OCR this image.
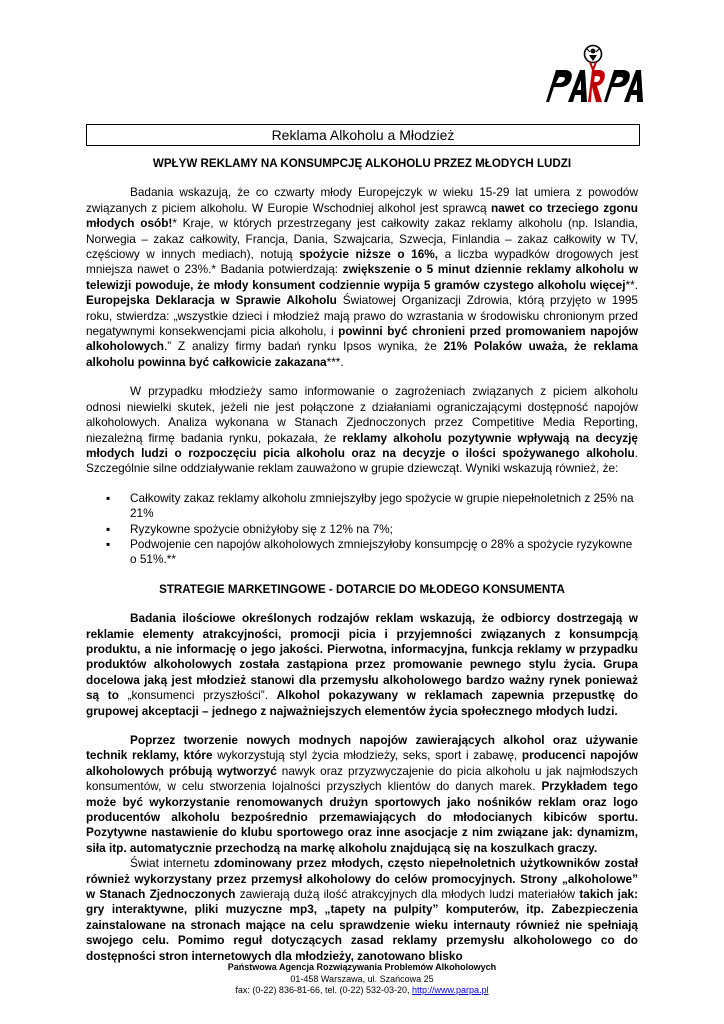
Reklama Alkoholu a Młodzież
WPŁYW REKLAMY NA KONSUMPCJĘ ALKOHOLU PRZEZ MŁODYCH LUDZI

Badania wskazują, że co czwarty młody Europejczyk w wieku 15-29 lat umiera z powodów związanych z piciem alkoholu. W Europie Wschodniej alkohol jest sprawcą nawet co trzeciego zgonu młodych osób!* Kraje, w których przestrzegany jest całkowity zakaz reklamy alkoholu (np. Islandia, Norwegia – zakaz całkowity, Francja, Dania, Szwajcaria, Szwecja, Finlandia – zakaz całkowity w TV, częściowy w innych mediach), notują spożycie niższe o 16%, a liczba wypadków drogowych jest mniejsza nawet o 23%.* Badania potwierdzają: zwiększenie o 5 minut dziennie reklamy alkoholu w telewizji powoduje, że młody konsument codziennie wypija 5 gramów czystego alkoholu więcej**. Europejska Deklaracja w Sprawie Alkoholu Światowej Organizacji Zdrowia, którą przyjęto w 1995 roku, stwierdza: „wszystkie dzieci i młodzież mają prawo do wzrastania w środowisku chronionym przed negatywnymi konsekwencjami picia alkoholu, i powinni być chronieni przed promowaniem napojów alkoholowych.” Z analizy firmy badań rynku Ipsos wynika, że 21% Polaków uważa, że reklama alkoholu powinna być całkowicie zakazana***.

W przypadku młodzieży samo informowanie o zagrożeniach związanych z piciem alkoholu odnosi niewielki skutek, jeżeli nie jest połączone z działaniami ograniczającymi dostępność napojów alkoholowych. Analiza wykonana w Stanach Zjednoczonych przez Competitive Media Reporting, niezależną firmę badania rynku, pokazała, że reklamy alkoholu pozytywnie wpływają na decyzję młodych ludzi o rozpoczęciu picia alkoholu oraz na decyzje o ilości spożywanego alkoholu. Szczególnie silne oddziaływanie reklam zauważono w grupie dziewcząt. Wyniki wskazują również, że:

▪ Całkowity zakaz reklamy alkoholu zmniejszyłby jego spożycie w grupie niepełnoletnich z 25% na 21%
▪ Ryzykowne spożycie obniżyłoby się z 12% na 7%;
▪ Podwojenie cen napojów alkoholowych zmniejszyłoby konsumpcję o 28% a spożycie ryzykowne o 51%.**
STRATEGIE MARKETINGOWE - DOTARCIE DO MŁODEGO KONSUMENTA

Badania ilościowe określonych rodzajów reklam wskazują, że odbiorcy dostrzegają w reklamie elementy atrakcyjności, promocji picia i przyjemności związanych z konsumpcją produktu, a nie informację o jego jakości. Pierwotna, informacyjna, funkcja reklamy w przypadku produktów alkoholowych została zastąpiona przez promowanie pewnego stylu życia. Grupa docelowa jaką jest młodzież stanowi dla przemysłu alkoholowego bardzo ważny rynek ponieważ są to „konsumenci przyszłości”. Alkohol pokazywany w reklamach zapewnia przepustkę do grupowej akceptacji – jednego z najważniejszych elementów życia społecznego młodych ludzi.

Poprzez tworzenie nowych modnych napojów zawierających alkohol oraz używanie technik reklamy, które wykorzystują styl życia młodzieży, seks, sport i zabawę, producenci napojów alkoholowych próbują wytworzyć nawyk oraz przyzwyczajenie do picia alkoholu u jak najmłodszych konsumentów, w celu stworzenia lojalności przyszłych klientów do danych marek. Przykładem tego może być wykorzystanie renomowanych drużyn sportowych jako nośników reklam oraz logo producentów alkoholu bezpośrednio przemawiających do młodocianych kibiców sportu. Pozytywne nastawienie do klubu sportowego oraz inne asocjacje z nim związane jak: dynamizm, siła itp. automatycznie przechodzą na markę alkoholu znajdującą się na koszulkach graczy.

Świat internetu zdominowany przez młodych, często niepełnoletnich użytkowników został również wykorzystany przez przemysł alkoholowy do celów promocyjnych. Strony „alkoholowe” w Stanach Zjednoczonych zawierają dużą ilość atrakcyjnych dla młodych ludzi materiałów takich jak: gry interaktywne, pliki muzyczne mp3, „tapety na pulpity” komputerów, itp. Zabezpieczenia zainstalowane na stronach mające na celu sprawdzenie wieku internauty również nie spełniają swojego celu. Pomimo reguł dotyczących zasad reklamy przemysłu alkoholowego co do dostępności stron internetowych dla młodzieży, zanotowano blisko

Państwowa Agencja Rozwiązywania Problemów Alkoholowych
01-458 Warszawa, ul. Szańcowa 25
fax: (0-22) 836-81-66, tel. (0-22) 532-03-20, http://www.parpa.pl
